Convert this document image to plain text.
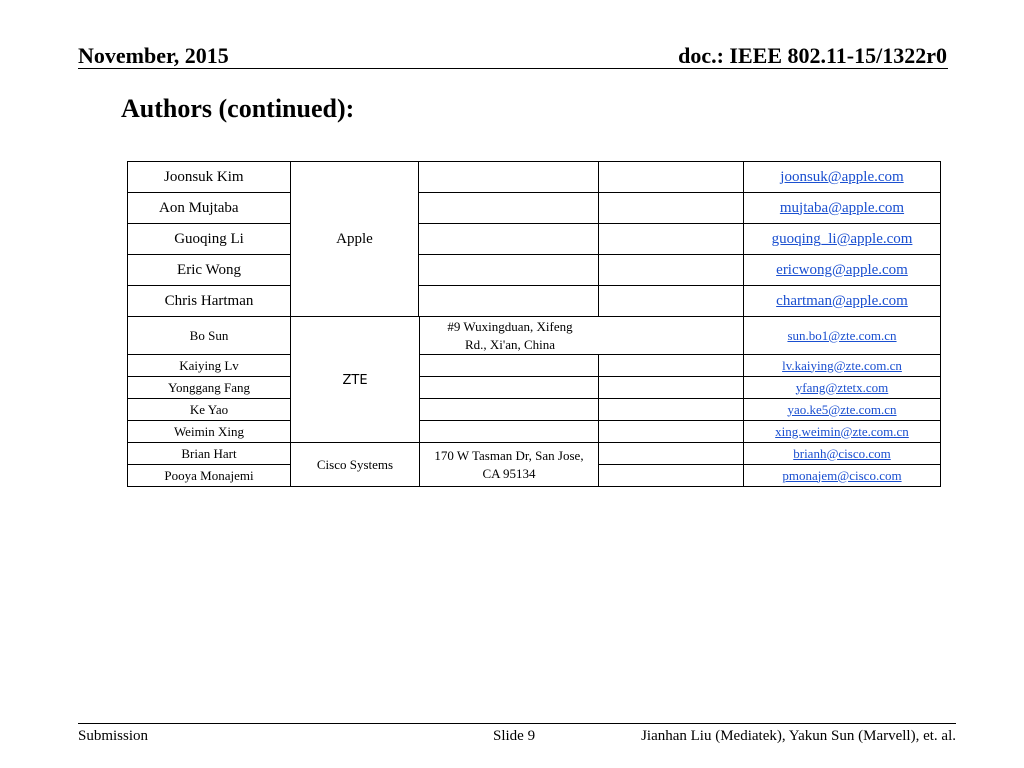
November, 2015	doc.: IEEE 802.11-15/1322r0
Authors (continued):
Joonsuk Kim	Apple			joonsuk@apple.com
Aon Mujtaba				mujtaba@apple.com
Guoqing Li				guoqing_li@apple.com
Eric Wong				ericwong@apple.com
Chris Hartman				chartman@apple.com
Bo Sun	ZTE	#9 Wuxingduan, Xifeng Rd., Xi'an, China		sun.bo1@zte.com.cn
Kaiying Lv				lv.kaiying@zte.com.cn
Yonggang Fang				yfang@ztetx.com
Ke Yao				yao.ke5@zte.com.cn
Weimin Xing				xing.weimin@zte.com.cn
Brian Hart	Cisco Systems	170 W Tasman Dr, San Jose, CA 95134		brianh@cisco.com
Pooya Monajemi				pmonajem@cisco.com
Submission	Slide 9	Jianhan Liu (Mediatek), Yakun Sun (Marvell), et. al.
